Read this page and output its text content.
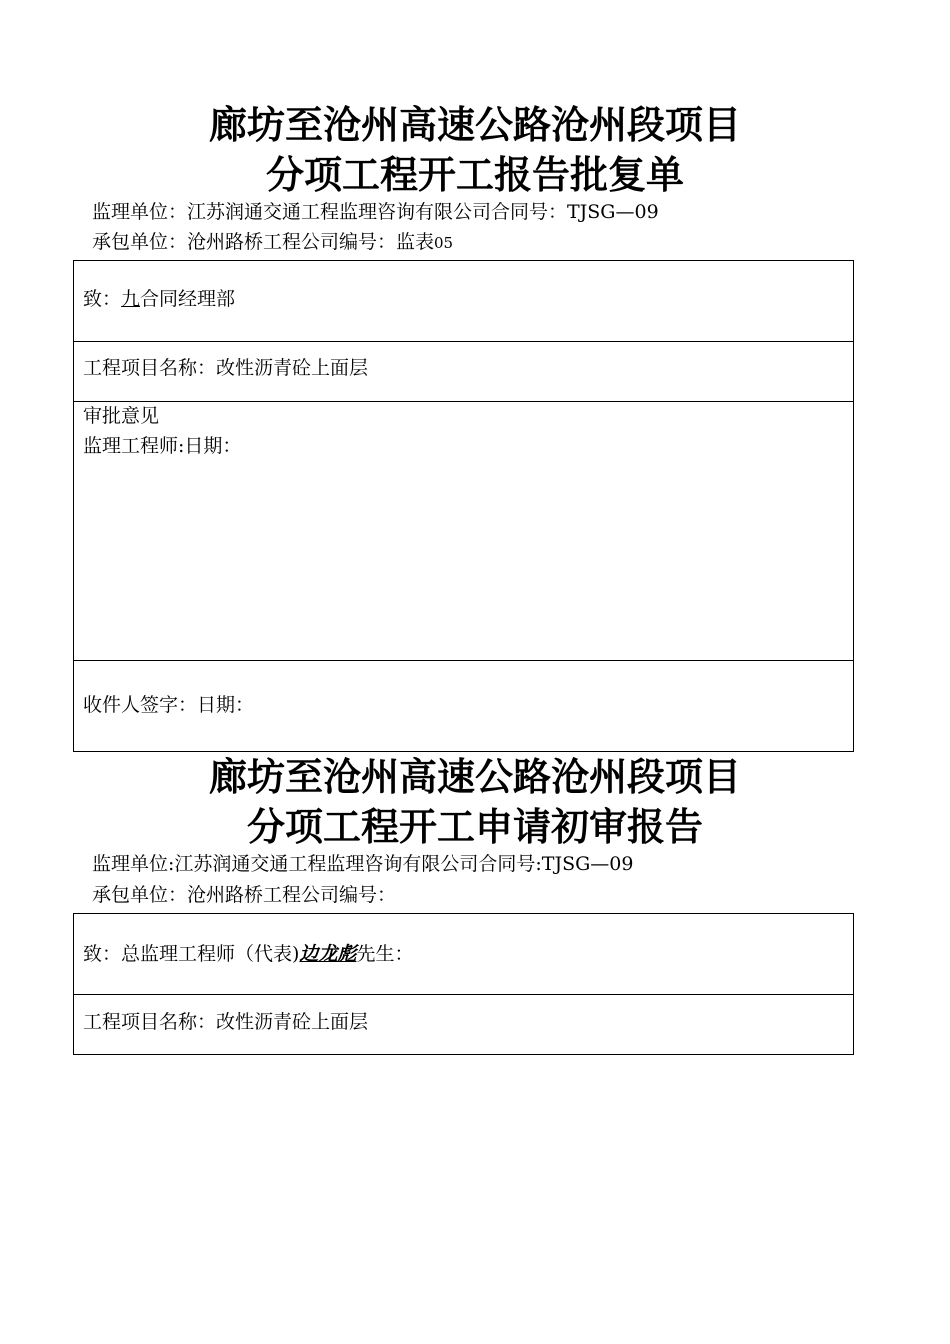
廊坊至沧州高速公路沧州段项目
分项工程开工报告批复单
监理单位：江苏润通交通工程监理咨询有限公司合同号：TJSG—09
承包单位：沧州路桥工程公司编号：监表05
致：九合同经理部
工程项目名称：改性沥青砼上面层
审批意见
监理工程师:日期：
收件人签字：日期：
廊坊至沧州高速公路沧州段项目
分项工程开工申请初审报告
监理单位:江苏润通交通工程监理咨询有限公司合同号:TJSG—09
承包单位：沧州路桥工程公司编号：
致：总监理工程师（代表)边龙彪先生：
工程项目名称：改性沥青砼上面层
